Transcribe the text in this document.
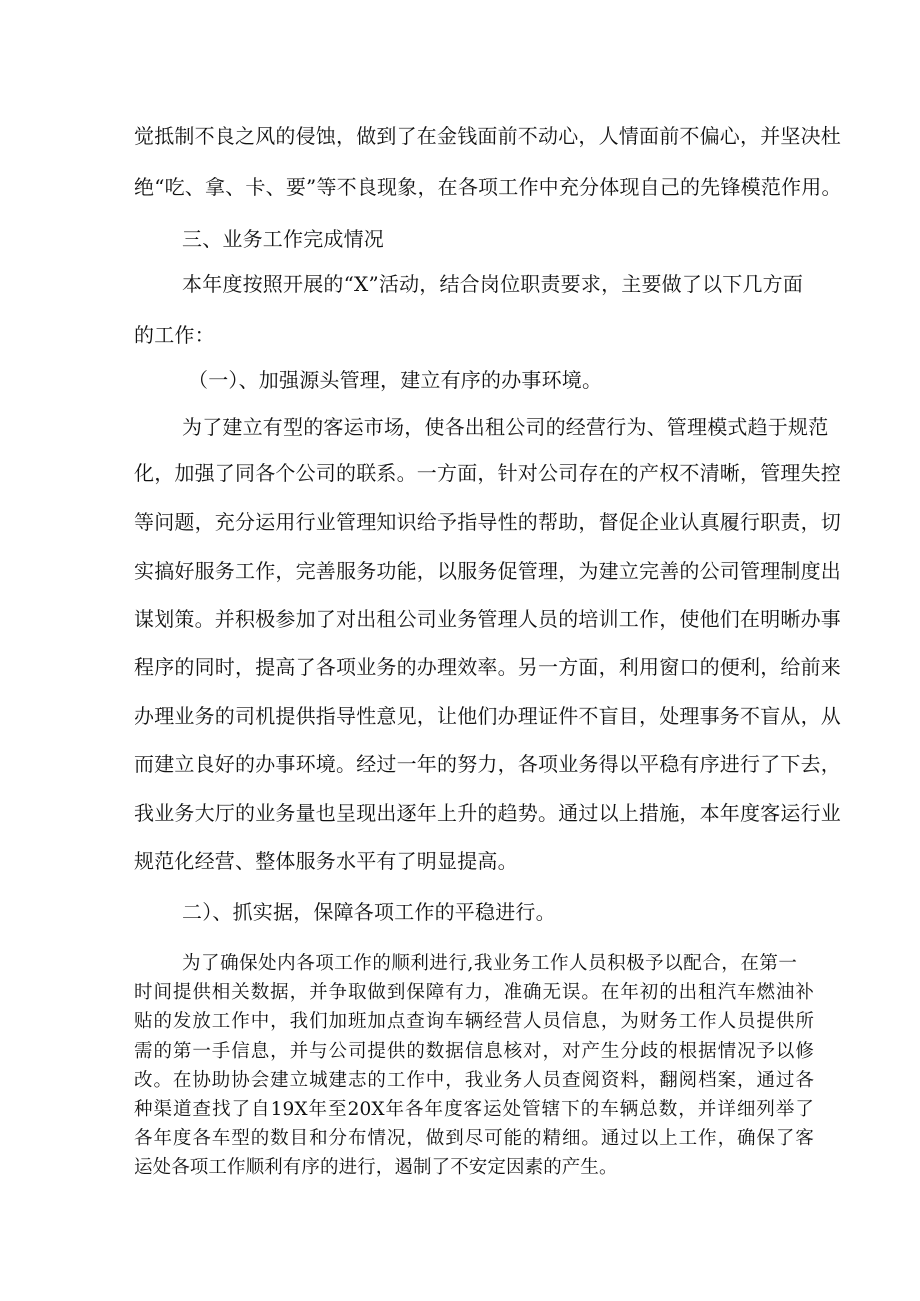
觉抵制不良之风的侵蚀，做到了在金钱面前不动心，人情面前不偏心，并坚决杜
绝“吃、拿、卡、要”等不良现象，在各项工作中充分体现自己的先锋模范作用。
三、业务工作完成情况
本年度按照开展的“X”活动，结合岗位职责要求，主要做了以下几方面
的工作：
（一）、加强源头管理，建立有序的办事环境。
为了建立有型的客运市场，使各出租公司的经营行为、管理模式趋于规范
化，加强了同各个公司的联系。一方面，针对公司存在的产权不清晰，管理失控
等问题，充分运用行业管理知识给予指导性的帮助，督促企业认真履行职责，切
实搞好服务工作，完善服务功能，以服务促管理，为建立完善的公司管理制度出
谋划策。并积极参加了对出租公司业务管理人员的培训工作，使他们在明晰办事
程序的同时，提高了各项业务的办理效率。另一方面，利用窗口的便利，给前来
办理业务的司机提供指导性意见，让他们办理证件不盲目，处理事务不盲从，从
而建立良好的办事环境。经过一年的努力，各项业务得以平稳有序进行了下去，
我业务大厅的业务量也呈现出逐年上升的趋势。通过以上措施，本年度客运行业
规范化经营、整体服务水平有了明显提高。
二）、抓实据，保障各项工作的平稳进行。
为了确保处内各项工作的顺利进行,我业务工作人员积极予以配合，在第一
时间提供相关数据，并争取做到保障有力，准确无误。在年初的出租汽车燃油补
贴的发放工作中，我们加班加点查询车辆经营人员信息，为财务工作人员提供所
需的第一手信息，并与公司提供的数据信息核对，对产生分歧的根据情况予以修
改。在协助协会建立城建志的工作中，我业务人员查阅资料，翻阅档案，通过各
种渠道查找了自19X年至20X年各年度客运处管辖下的车辆总数，并详细列举了
各年度各车型的数目和分布情况，做到尽可能的精细。通过以上工作，确保了客
运处各项工作顺利有序的进行，遏制了不安定因素的产生。
